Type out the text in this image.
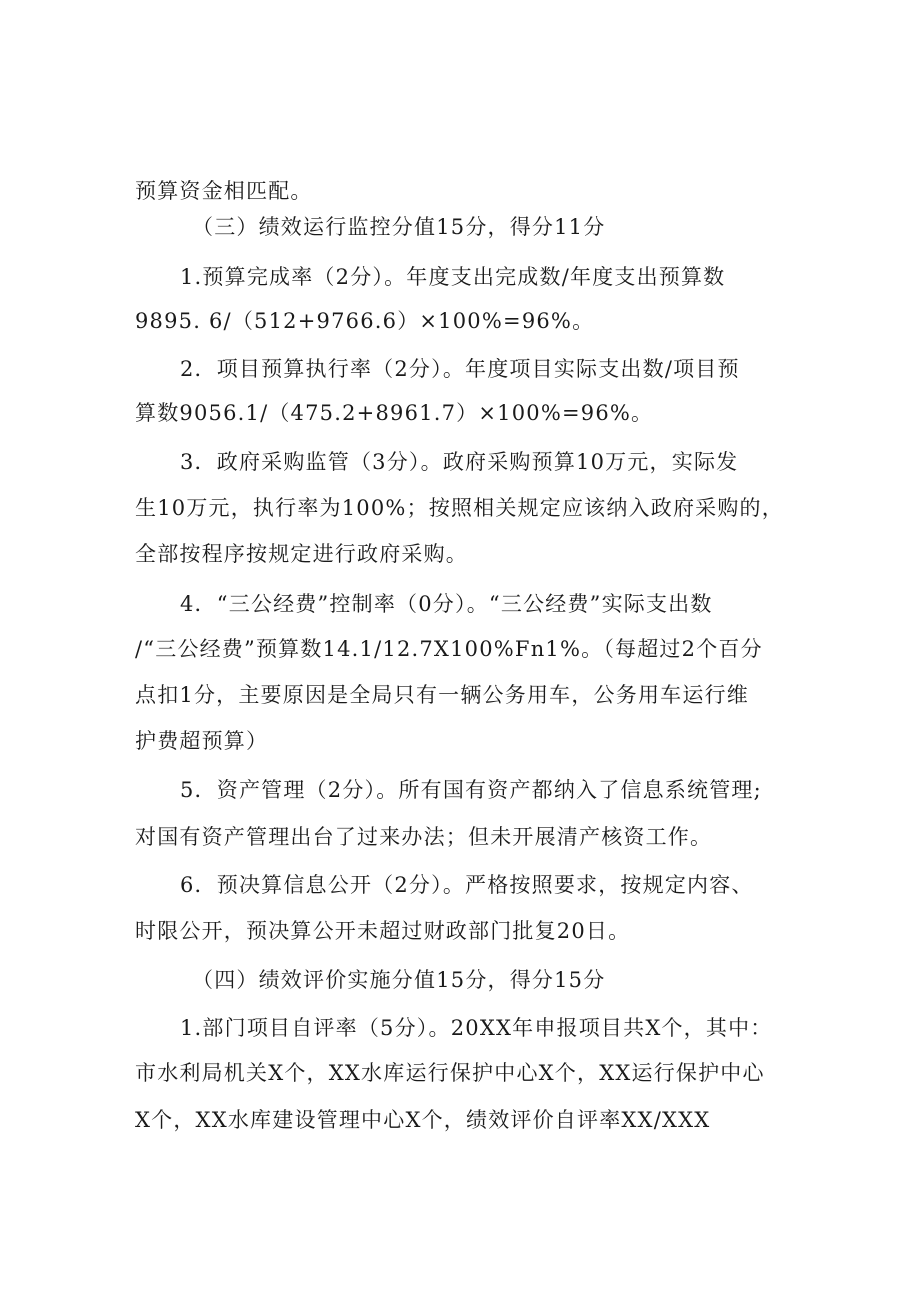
预算资金相匹配。
（三）绩效运行监控分值15分，得分11分
1.预算完成率（2分）。年度支出完成数/年度支出预算数
9895. 6/（512+9766.6）×100%=96%。
2．项目预算执行率（2分）。年度项目实际支出数/项目预
算数9056.1/（475.2+8961.7）×100%=96%。
3．政府采购监管（3分）。政府采购预算10万元，实际发
生10万元，执行率为100%；按照相关规定应该纳入政府采购的，
全部按程序按规定进行政府采购。
4．“三公经费”控制率（0分）。“三公经费”实际支出数
/“三公经费”预算数14.1/12.7X100%Fn1%。（每超过2个百分
点扣1分，主要原因是全局只有一辆公务用车，公务用车运行维
护费超预算）
5．资产管理（2分）。所有国有资产都纳入了信息系统管理;
对国有资产管理出台了过来办法；但未开展清产核资工作。
6．预决算信息公开（2分）。严格按照要求，按规定内容、
时限公开，预决算公开未超过财政部门批复20日。
（四）绩效评价实施分值15分，得分15分
1.部门项目自评率（5分）。20XX年申报项目共X个，其中：
市水利局机关X个，XX水库运行保护中心X个，XX运行保护中心
X个，XX水库建设管理中心X个，绩效评价自评率XX/XXX
